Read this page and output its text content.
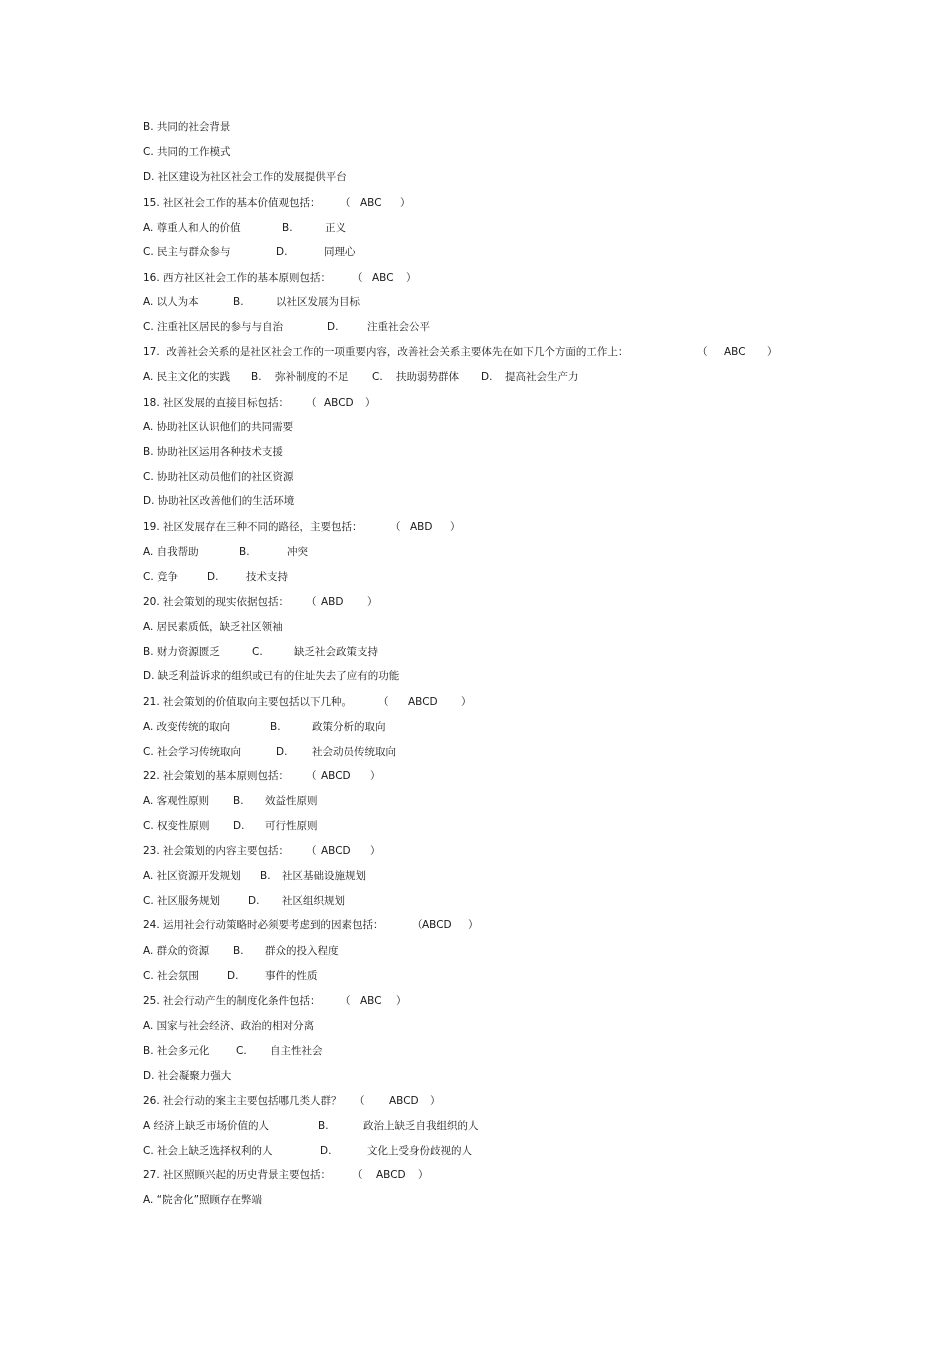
B. 共同的社会背景

C. 共同的工作模式

D. 社区建设为社区社会工作的发展提供平台

15. 社区社会工作的基本价值观包括：

（

ABC

）

A. 尊重人和人的价值

	B.

	正义

C. 民主与群众参与

	D.

	同理心

16. 西方社区社会工作的基本原则包括：

（

ABC

）

A. 以人为本

	B.

	以社区发展为目标

C. 注重社区居民的参与与自治

	D.

	注重社会公平

17.  改善社会关系的是社区社会工作的一项重要内容，改善社会关系主要体先在如下几个方面的工作上：

	（

ABC

）

A. 民主文化的实践

B.

弥补制度的不足

C.

扶助弱势群体

D.

提高社会生产力

18. 社区发展的直接目标包括：

（

ABCD

）

A. 协助社区认识他们的共同需要

B. 协助社区运用各种技术支援

C. 协助社区动员他们的社区资源

D. 协助社区改善他们的生活环境

19. 社区发展存在三种不同的路径，主要包括：

	（

ABD

）

A. 自我帮助

	B.

	冲突

C. 竞争

	D.

	技术支持

20. 社会策划的现实依据包括：

（

ABD

）

A. 居民素质低，缺乏社区领袖

B. 财力资源匮乏

	C.

	缺乏社会政策支持

D. 缺乏利益诉求的组织或已有的住址失去了应有的功能

21. 社会策划的价值取向主要包括以下几种。

（

ABCD

）

A. 改变传统的取向

	B.

	政策分析的取向

C. 社会学习传统取向

	D.

社会动员传统取向

22. 社会策划的基本原则包括：

（

ABCD

）

A. 客观性原则

B.

效益性原则

C. 权变性原则

D.

可行性原则

23. 社会策划的内容主要包括：

（

ABCD

）

A. 社区资源开发规划

B.

社区基础设施规划

C. 社区服务规划

	D.

社区组织规划

24. 运用社会行动策略时必须要考虑到的因素包括：

	（

ABCD

）

A. 群众的资源

B.

群众的投入程度

C. 社会氛围

	D.

	事件的性质

25. 社会行动产生的制度化条件包括：

（

ABC

）

A. 国家与社会经济、政治的相对分离

B. 社会多元化

	C.

自主性社会

D. 社会凝聚力强大

26. 社会行动的案主主要包括哪几类人群？

（

ABCD

）

A 经济上缺乏市场价值的人

	B.

	政治上缺乏自我组织的人

C. 社会上缺乏选择权利的人

	D.

	文化上受身份歧视的人

27. 社区照顾兴起的历史背景主要包括：

（

ABCD

）

A. “院舍化”照顾存在弊端
